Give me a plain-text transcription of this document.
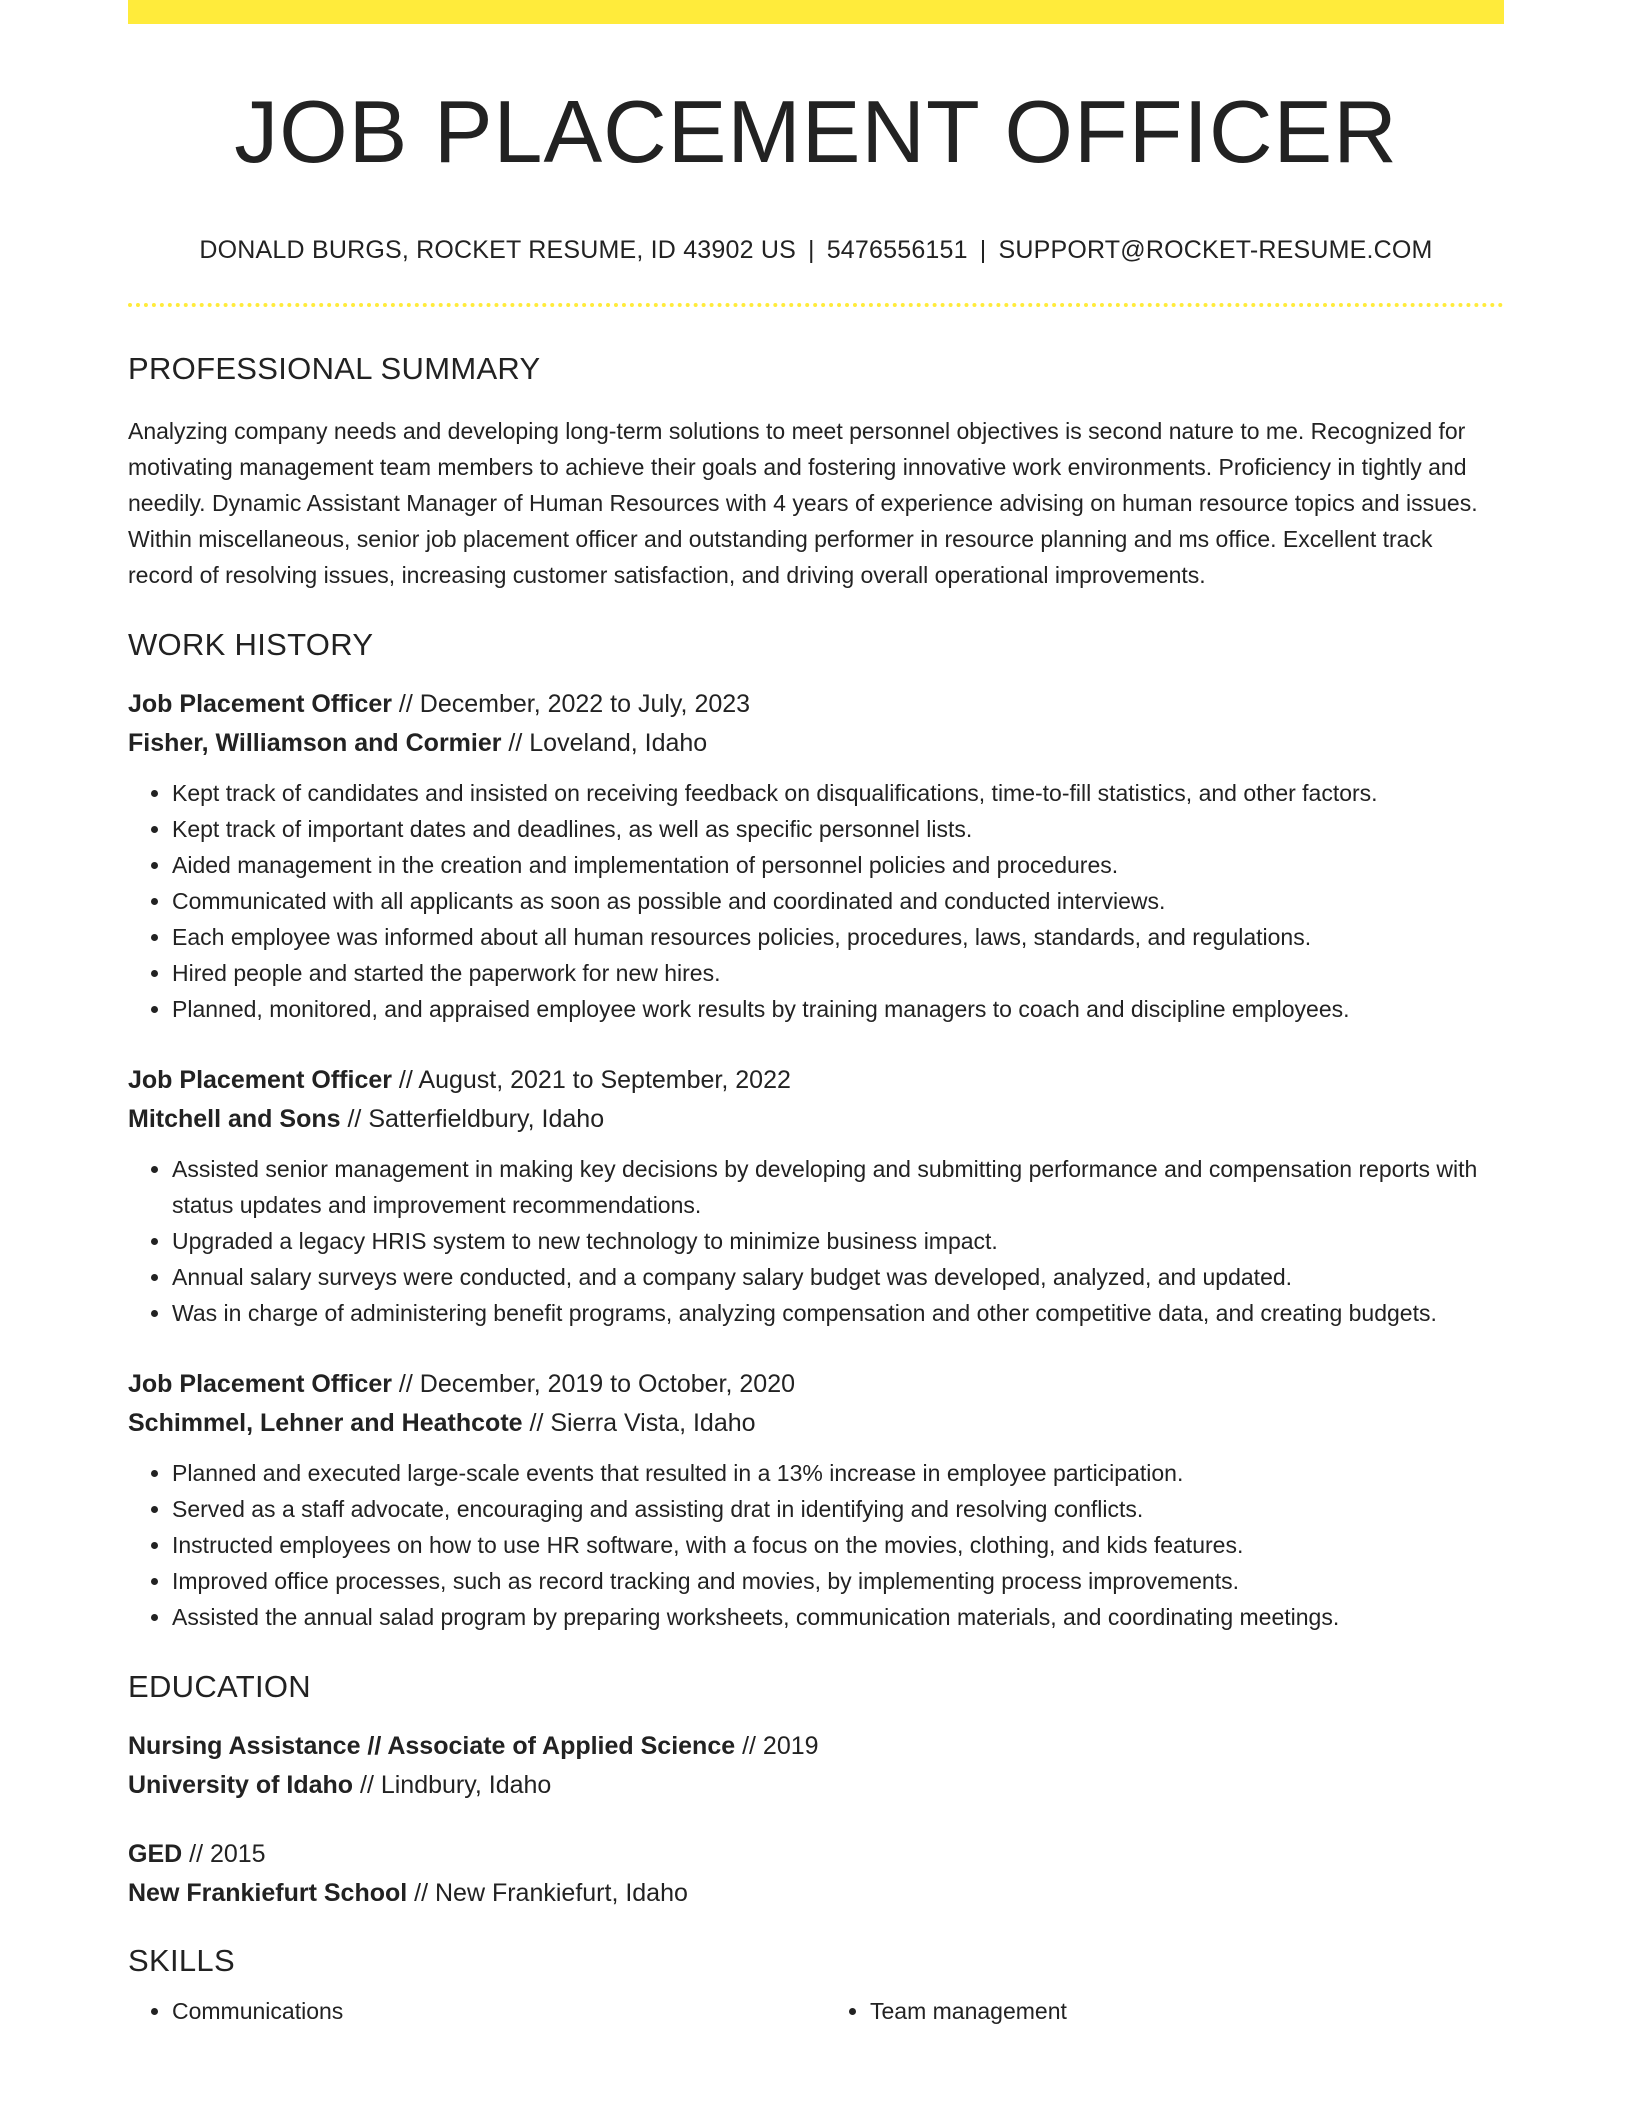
JOB PLACEMENT OFFICER
DONALD BURGS, ROCKET RESUME, ID 43902 US | 5476556151 | SUPPORT@ROCKET-RESUME.COM
PROFESSIONAL SUMMARY
Analyzing company needs and developing long-term solutions to meet personnel objectives is second nature to me. Recognized for motivating management team members to achieve their goals and fostering innovative work environments. Proficiency in tightly and needily. Dynamic Assistant Manager of Human Resources with 4 years of experience advising on human resource topics and issues. Within miscellaneous, senior job placement officer and outstanding performer in resource planning and ms office. Excellent track record of resolving issues, increasing customer satisfaction, and driving overall operational improvements.
WORK HISTORY
Job Placement Officer // December, 2022 to July, 2023
Fisher, Williamson and Cormier // Loveland, Idaho
• Kept track of candidates and insisted on receiving feedback on disqualifications, time-to-fill statistics, and other factors.
• Kept track of important dates and deadlines, as well as specific personnel lists.
• Aided management in the creation and implementation of personnel policies and procedures.
• Communicated with all applicants as soon as possible and coordinated and conducted interviews.
• Each employee was informed about all human resources policies, procedures, laws, standards, and regulations.
• Hired people and started the paperwork for new hires.
• Planned, monitored, and appraised employee work results by training managers to coach and discipline employees.
Job Placement Officer // August, 2021 to September, 2022
Mitchell and Sons // Satterfieldbury, Idaho
• Assisted senior management in making key decisions by developing and submitting performance and compensation reports with status updates and improvement recommendations.
• Upgraded a legacy HRIS system to new technology to minimize business impact.
• Annual salary surveys were conducted, and a company salary budget was developed, analyzed, and updated.
• Was in charge of administering benefit programs, analyzing compensation and other competitive data, and creating budgets.
Job Placement Officer // December, 2019 to October, 2020
Schimmel, Lehner and Heathcote // Sierra Vista, Idaho
• Planned and executed large-scale events that resulted in a 13% increase in employee participation.
• Served as a staff advocate, encouraging and assisting drat in identifying and resolving conflicts.
• Instructed employees on how to use HR software, with a focus on the movies, clothing, and kids features.
• Improved office processes, such as record tracking and movies, by implementing process improvements.
• Assisted the annual salad program by preparing worksheets, communication materials, and coordinating meetings.
EDUCATION
Nursing Assistance // Associate of Applied Science // 2019
University of Idaho // Lindbury, Idaho
GED // 2015
New Frankiefurt School // New Frankiefurt, Idaho
SKILLS
• Communications
•	Team management
